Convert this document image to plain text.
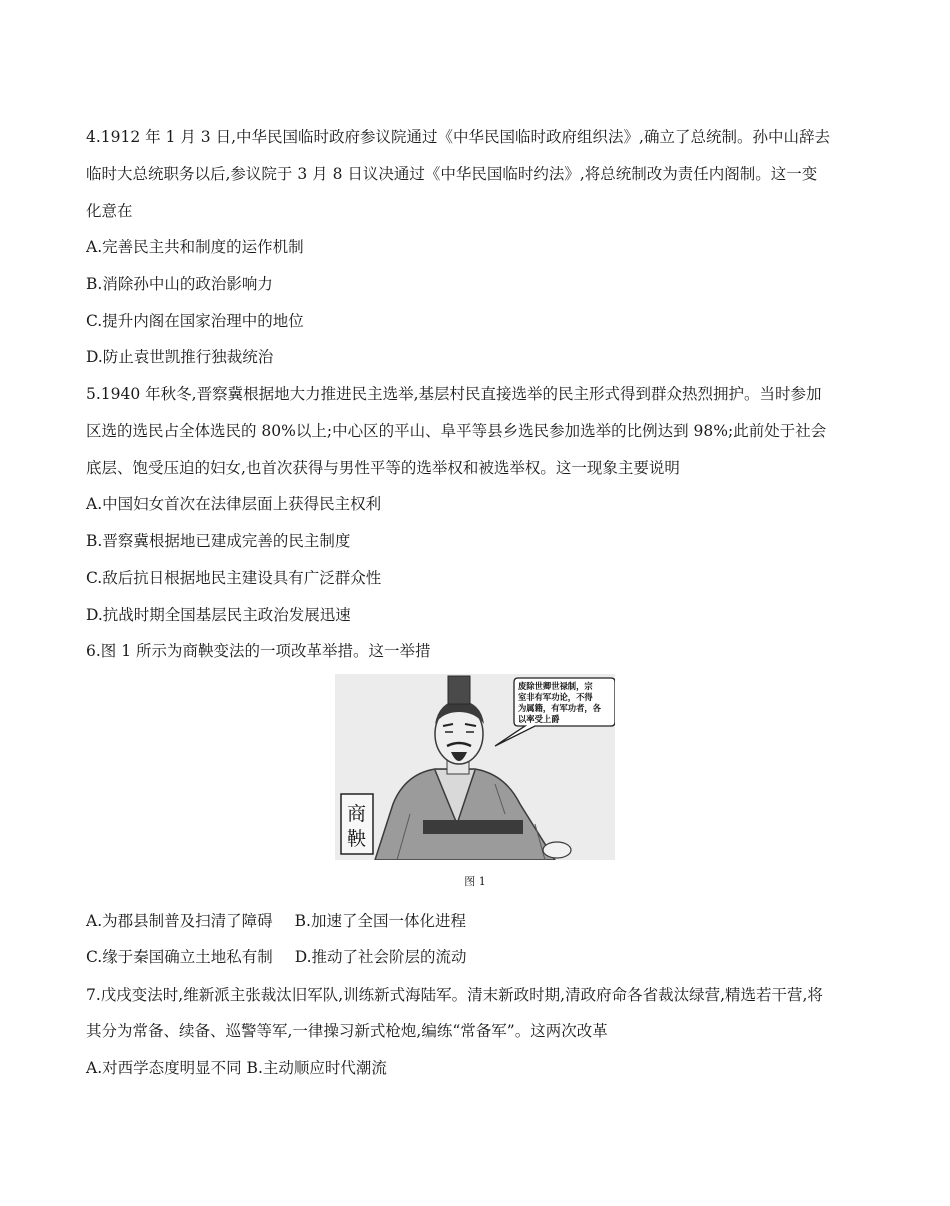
4.1912 年 1 月 3 日,中华民国临时政府参议院通过《中华民国临时政府组织法》,确立了总统制。孙中山辞去
临时大总统职务以后,参议院于 3 月 8 日议决通过《中华民国临时约法》,将总统制改为责任内阁制。这一变
化意在
A.完善民主共和制度的运作机制
B.消除孙中山的政治影响力
C.提升内阁在国家治理中的地位
D.防止袁世凯推行独裁统治
5.1940 年秋冬,晋察冀根据地大力推进民主选举,基层村民直接选举的民主形式得到群众热烈拥护。当时参加
区选的选民占全体选民的 80%以上;中心区的平山、阜平等县乡选民参加选举的比例达到 98%;此前处于社会
底层、饱受压迫的妇女,也首次获得与男性平等的选举权和被选举权。这一现象主要说明
A.中国妇女首次在法律层面上获得民主权利
B.晋察冀根据地已建成完善的民主制度
C.敌后抗日根据地民主建设具有广泛群众性
D.抗战时期全国基层民主政治发展迅速
6.图 1 所示为商鞅变法的一项改革举措。这一举措
废除世卿世禄制，宗
室非有军功论，不得
为属籍，有军功者，各
以率受上爵
商
鞅
图 1
A.为郡县制普及扫清了障碍 B.加速了全国一体化进程
C.缘于秦国确立土地私有制 D.推动了社会阶层的流动
7.戊戌变法时,维新派主张裁汰旧军队,训练新式海陆军。清末新政时期,清政府命各省裁汰绿营,精选若干营,将
其分为常备、续备、巡警等军,一律操习新式枪炮,编练“常备军”。这两次改革
A.对西学态度明显不同 B.主动顺应时代潮流
